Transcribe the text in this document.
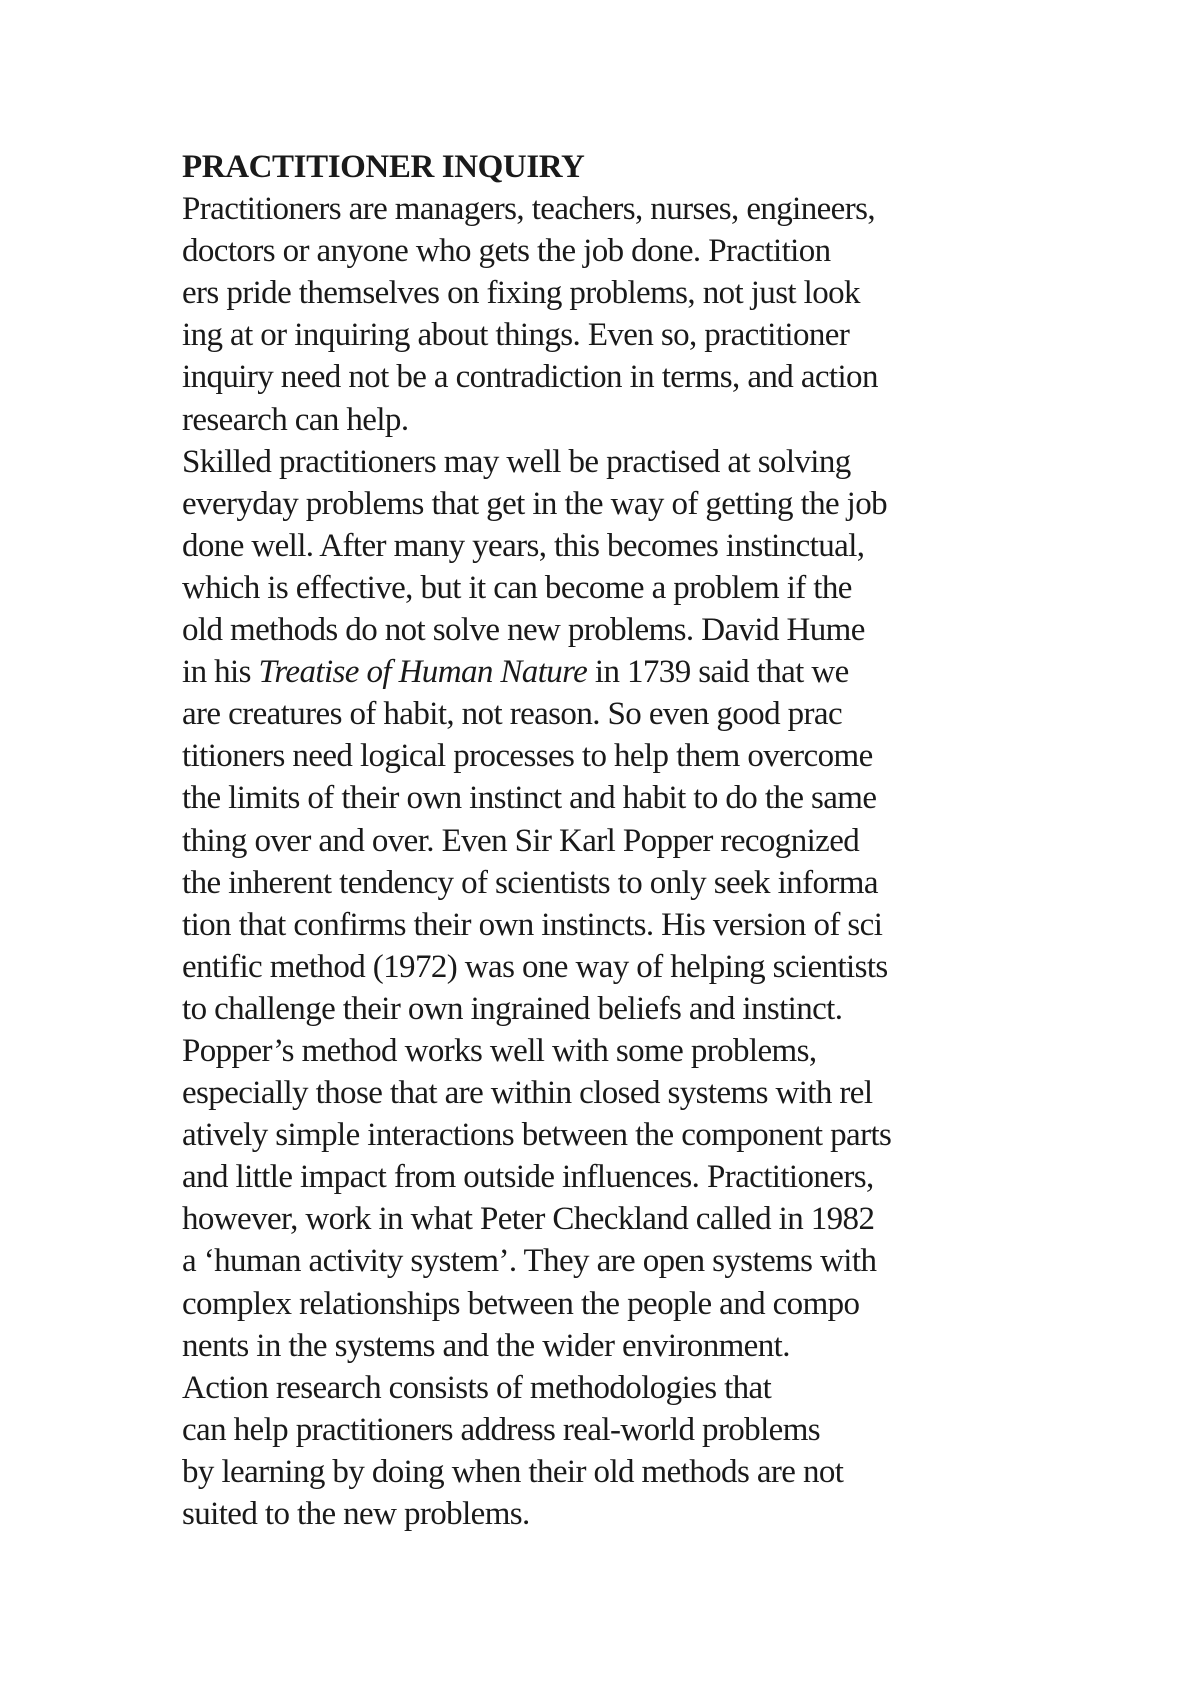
PRACTITIONER INQUIRY
Practitioners are managers, teachers, nurses, engineers,
doctors or anyone who gets the job done. Practition
ers pride themselves on fixing problems, not just look
ing at or inquiring about things. Even so, practitioner
inquiry need not be a contradiction in terms, and action
research can help.
Skilled practitioners may well be practised at solving
everyday problems that get in the way of getting the job
done well. After many years, this becomes instinctual,
which is effective, but it can become a problem if the
old methods do not solve new problems. David Hume
in his Treatise of Human Nature in 1739 said that we
are creatures of habit, not reason. So even good prac
titioners need logical processes to help them overcome
the limits of their own instinct and habit to do the same
thing over and over. Even Sir Karl Popper recognized
the inherent tendency of scientists to only seek informa
tion that confirms their own instincts. His version of sci
entific method (1972) was one way of helping scientists
to challenge their own ingrained beliefs and instinct.
Popper’s method works well with some problems,
especially those that are within closed systems with rel
atively simple interactions between the component parts
and little impact from outside influences. Practitioners,
however, work in what Peter Checkland called in 1982
a ‘human activity system’. They are open systems with
complex relationships between the people and compo
nents in the systems and the wider environment.
Action research consists of methodologies that
can help practitioners address real-world problems
by learning by doing when their old methods are not
suited to the new problems.
